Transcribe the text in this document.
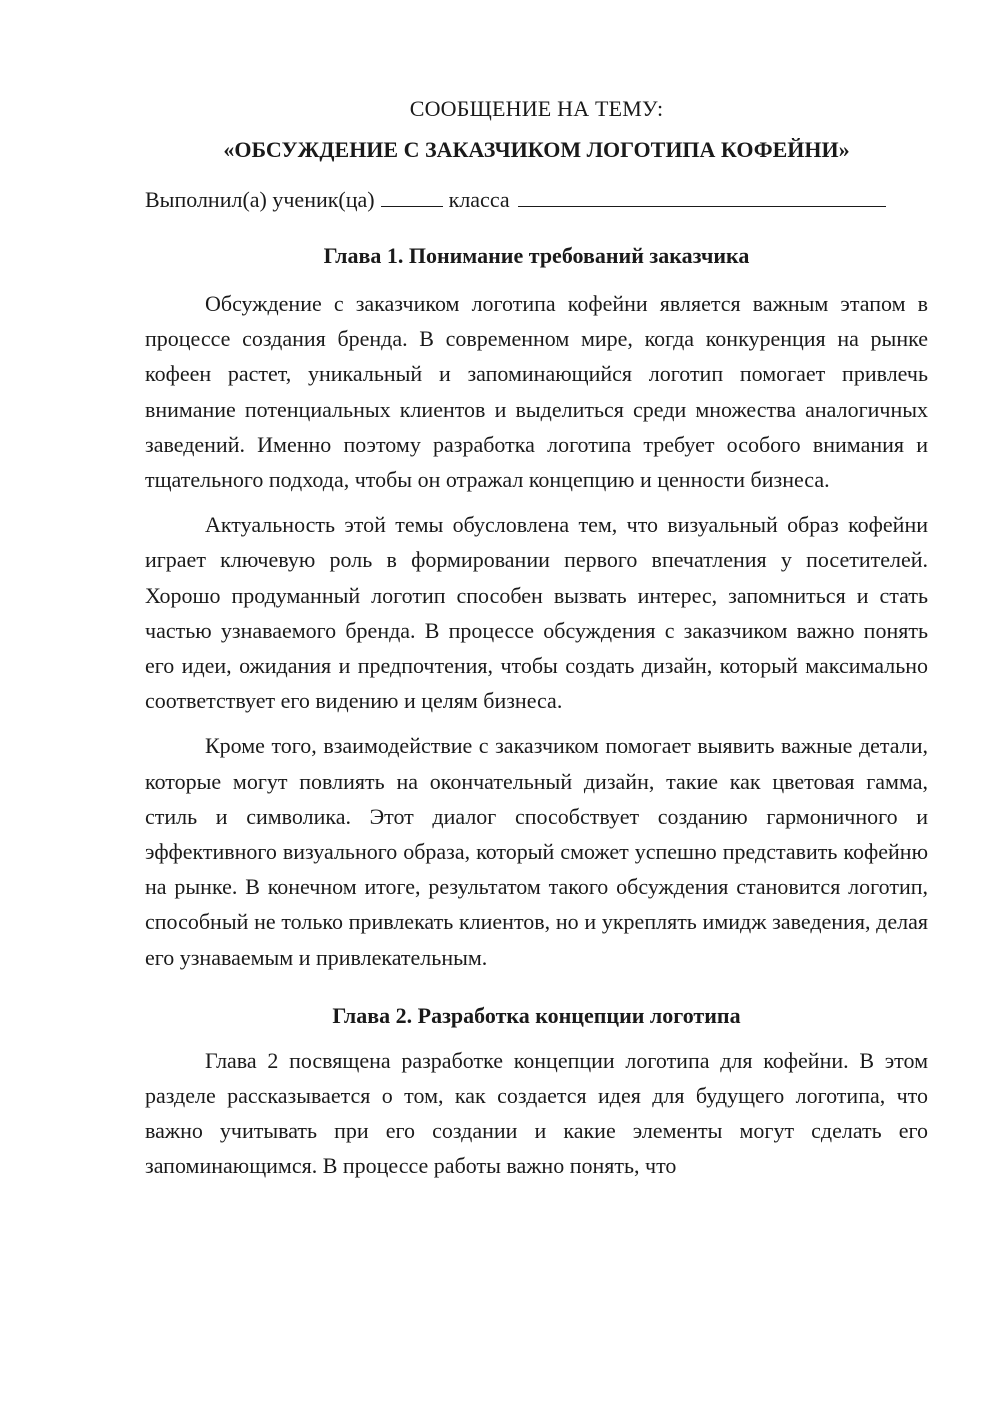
СООБЩЕНИЕ НА ТЕМУ:

«ОБСУЖДЕНИЕ С ЗАКАЗЧИКОМ ЛОГОТИПА КОФЕЙНИ»

Выполнил(а) ученик(ца)	класса
Глава 1. Понимание требований заказчика

Обсуждение с заказчиком логотипа кофейни является важным этапом в процессе создания бренда. В современном мире, когда конкуренция на рынке кофеен растет, уникальный и запоминающийся логотип помогает привлечь внимание потенциальных клиентов и выделиться среди множества аналогичных заведений. Именно поэтому разработка логотипа требует особого внимания и тщательного подхода, чтобы он отражал концепцию и ценности бизнеса.

Актуальность этой темы обусловлена тем, что визуальный образ кофейни играет ключевую роль в формировании первого впечатления у посетителей. Хорошо продуманный логотип способен вызвать интерес, запомниться и стать частью узнаваемого бренда. В процессе обсуждения с заказчиком важно понять его идеи, ожидания и предпочтения, чтобы создать дизайн, который максимально соответствует его видению и целям бизнеса.

Кроме того, взаимодействие с заказчиком помогает выявить важные детали, которые могут повлиять на окончательный дизайн, такие как цветовая гамма, стиль и символика. Этот диалог способствует созданию гармоничного и эффективного визуального образа, который сможет успешно представить кофейню на рынке. В конечном итоге, результатом такого обсуждения становится логотип, способный не только привлекать клиентов, но и укреплять имидж заведения, делая его узнаваемым и привлекательным.

Глава 2. Разработка концепции логотипа

Глава 2 посвящена разработке концепции логотипа для кофейни. В этом разделе рассказывается о том, как создается идея для будущего логотипа, что важно учитывать при его создании и какие элементы могут сделать его запоминающимся. В процессе работы важно понять, что
